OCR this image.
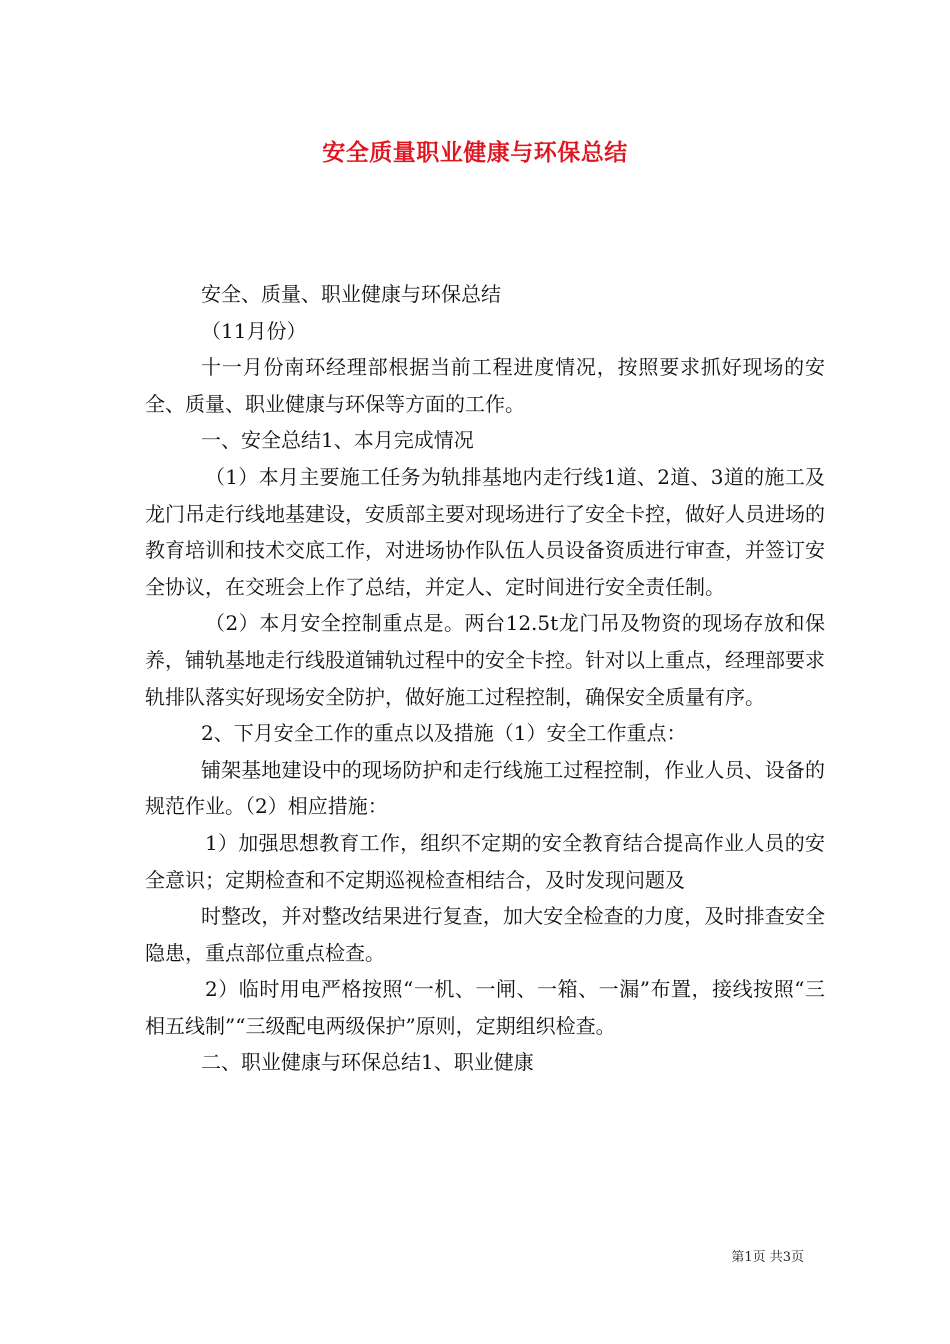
安全质量职业健康与环保总结

安全、质量、职业健康与环保总结

（11月份）

十一月份南环经理部根据当前工程进度情况，按照要求抓好现场的安全、质量、职业健康与环保等方面的工作。

一、安全总结1、本月完成情况

（1）本月主要施工任务为轨排基地内走行线1道、2道、3道的施工及龙门吊走行线地基建设，安质部主要对现场进行了安全卡控，做好人员进场的教育培训和技术交底工作，对进场协作队伍人员设备资质进行审查，并签订安全协议，在交班会上作了总结，并定人、定时间进行安全责任制。

（2）本月安全控制重点是。两台12.5t龙门吊及物资的现场存放和保养，铺轨基地走行线股道铺轨过程中的安全卡控。针对以上重点，经理部要求轨排队落实好现场安全防护，做好施工过程控制，确保安全质量有序。

2、下月安全工作的重点以及措施（1）安全工作重点：

铺架基地建设中的现场防护和走行线施工过程控制，作业人员、设备的规范作业。（2）相应措施：

1）加强思想教育工作，组织不定期的安全教育结合提高作业人员的安全意识；定期检查和不定期巡视检查相结合，及时发现问题及

时整改，并对整改结果进行复查，加大安全检查的力度，及时排查安全隐患，重点部位重点检查。

2）临时用电严格按照“一机、一闸、一箱、一漏”布置，接线按照“三相五线制”“三级配电两级保护”原则，定期组织检查。

二、职业健康与环保总结1、职业健康

第1页 共3页
